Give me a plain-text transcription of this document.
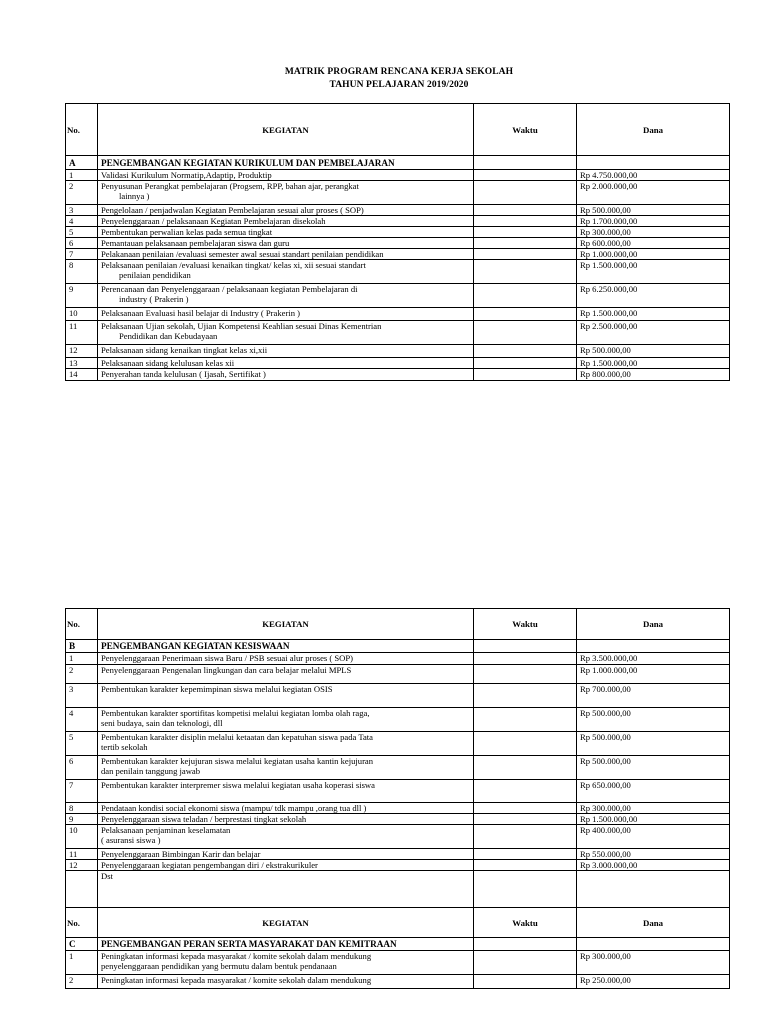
MATRIK PROGRAM RENCANA KERJA SEKOLAH
TAHUN PELAJARAN 2019/2020
No.	KEGIATAN	Waktu	Dana
A	PENGEMBANGAN KEGIATAN KURIKULUM DAN PEMBELAJARAN		
1	Validasi Kurikulum Normatip,Adaptip, Produktip		Rp 4.750.000,00
2	Penyusunan Perangkat pembelajaran (Progsem, RPP, bahan ajar, perangkat
lainnya )		Rp 2.000.000,00
3	Pengelolaan / penjadwalan Kegiatan Pembelajaran sesuai alur proses ( SOP)		Rp 500.000,00
4	Penyelenggaraan / pelaksanaan Kegiatan Pembelajaran disekolah		Rp 1.700.000,00
5	Pembentukan perwalian kelas pada semua tingkat		Rp 300.000,00
6	Pemantauan pelaksanaan pembelajaran siswa dan guru		Rp 600.000,00
7	Pelakanaan penilaian /evaluasi semester awal sesuai standart penilaian pendidikan		Rp 1.000.000,00
8	Pelaksanaan penilaian /evaluasi kenaikan tingkat/ kelas xi, xii sesuai standart
penilaian pendidikan		Rp 1.500.000,00
9	Perencanaan dan Penyelenggaraan / pelaksanaan kegiatan Pembelajaran di
industry ( Prakerin )		Rp 6.250.000,00
10	Pelaksanaan Evaluasi hasil belajar di Industry ( Prakerin )		Rp 1.500.000,00
11	Pelaksanaan Ujian sekolah, Ujian Kompetensi Keahlian sesuai Dinas Kementrian
Pendidikan dan Kebudayaan		Rp 2.500.000,00
12	Pelaksanaan sidang kenaikan tingkat kelas xi,xii		Rp 500.000,00
13	Pelaksanaan sidang kelulusan kelas xii		Rp 1.500.000,00
14	Penyerahan tanda kelulusan ( Ijasah, Sertifikat )		Rp 800.000,00
No.	KEGIATAN	Waktu	Dana
B	PENGEMBANGAN KEGIATAN KESISWAAN		
1	Penyelenggaraan Penerimaan siswa Baru / PSB sesuai alur proses ( SOP)		Rp 3.500.000,00
2	Penyelenggaraan Pengenalan lingkungan dan cara belajar melalui MPLS		Rp 1.000.000,00
3	Pembentukan karakter kepemimpinan siswa melalui kegiatan OSIS		Rp 700.000,00
4	Pembentukan karakter sportifitas kompetisi melalui kegiatan lomba olah raga,
seni budaya, sain dan teknologi, dll		Rp 500.000,00
5	Pembentukan karakter disiplin melalui ketaatan dan kepatuhan siswa pada Tata
tertib sekolah		Rp 500.000,00
6	Pembentukan karakter kejujuran siswa melalui kegiatan usaha kantin kejujuran
dan penilain tanggung jawab		Rp 500.000,00
7	Pembentukan karakter interpremer siswa melalui kegiatan usaha koperasi siswa		Rp 650.000,00
8	Pendataan kondisi social ekonomi siswa (mampu/ tdk mampu ,orang tua dll )		Rp 300.000,00
9	Penyelenggaraan siswa teladan / berprestasi tingkat sekolah		Rp 1.500.000,00
10	Pelaksanaan penjaminan keselamatan
( asuransi siswa )		Rp 400.000,00
11	Penyelenggaraan Bimbingan Karir dan belajar		Rp 550.000,00
12	Penyelenggaraan kegiatan pengembangan diri / ekstrakurikuler		Rp 3.000.000,00
	Dst		
No.	KEGIATAN	Waktu	Dana
C	PENGEMBANGAN PERAN SERTA MASYARAKAT DAN KEMITRAAN		
1	Peningkatan informasi kepada masyarakat / komite sekolah dalam mendukung
penyelenggaraan pendidikan yang bermutu dalam bentuk pendanaan		Rp 300.000,00
2	Peningkatan informasi kepada masyarakat / komite sekolah dalam mendukung		Rp 250.000,00
